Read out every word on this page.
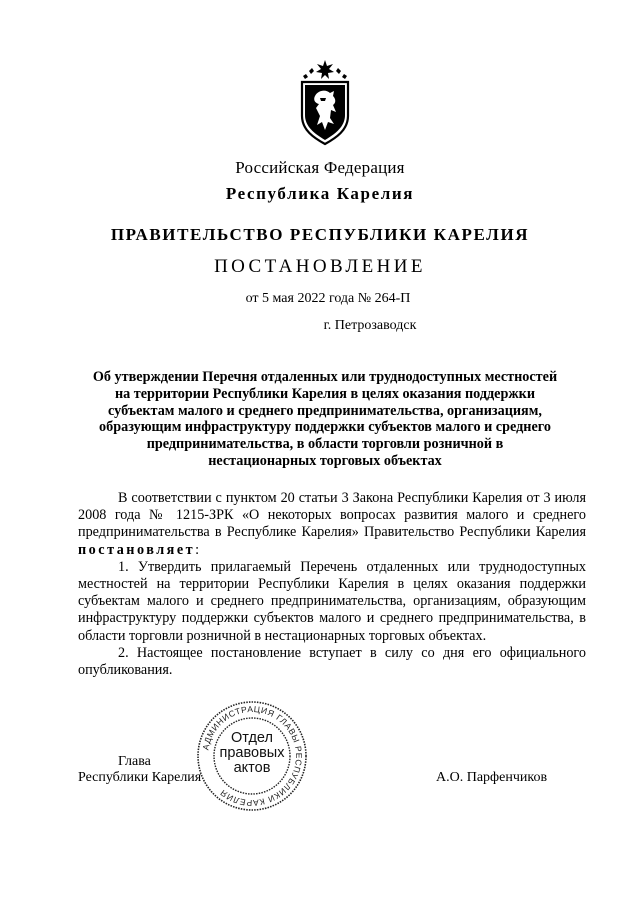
Российская Федерация
Республика Карелия
ПРАВИТЕЛЬСТВО РЕСПУБЛИКИ КАРЕЛИЯ
ПОСТАНОВЛЕНИЕ
от 5 мая 2022 года № 264-П
г. Петрозаводск
Об утверждении Перечня отдаленных или труднодоступных местностей на территории Республики Карелия в целях оказания поддержки субъектам малого и среднего предпринимательства, организациям, образующим инфраструктуру поддержки субъектов малого и среднего предпринимательства, в области торговли розничной в нестационарных торговых объектах

В соответствии с пунктом 20 статьи 3 Закона Республики Карелия от 3 июля 2008 года № 1215-ЗРК «О некоторых вопросах развития малого и среднего предпринимательства в Республике Карелия» Правительство Республики Карелия постановляет:

1. Утвердить прилагаемый Перечень отдаленных или труднодоступных местностей на территории Республики Карелия в целях оказания поддержки субъектам малого и среднего предпринимательства, организациям, образующим инфраструктуру поддержки субъектов малого и среднего предпринимательства, в области торговли розничной в нестационарных торговых объектах.

2. Настоящее постановление вступает в силу со дня его официального опубликования.

Глава
Республики Карелия	А.О. Парфенчиков
АДМИНИСТРАЦИЯ ГЛАВЫ РЕСПУБЛИКИ КАРЕЛИЯ
Отдел
правовых
актов
